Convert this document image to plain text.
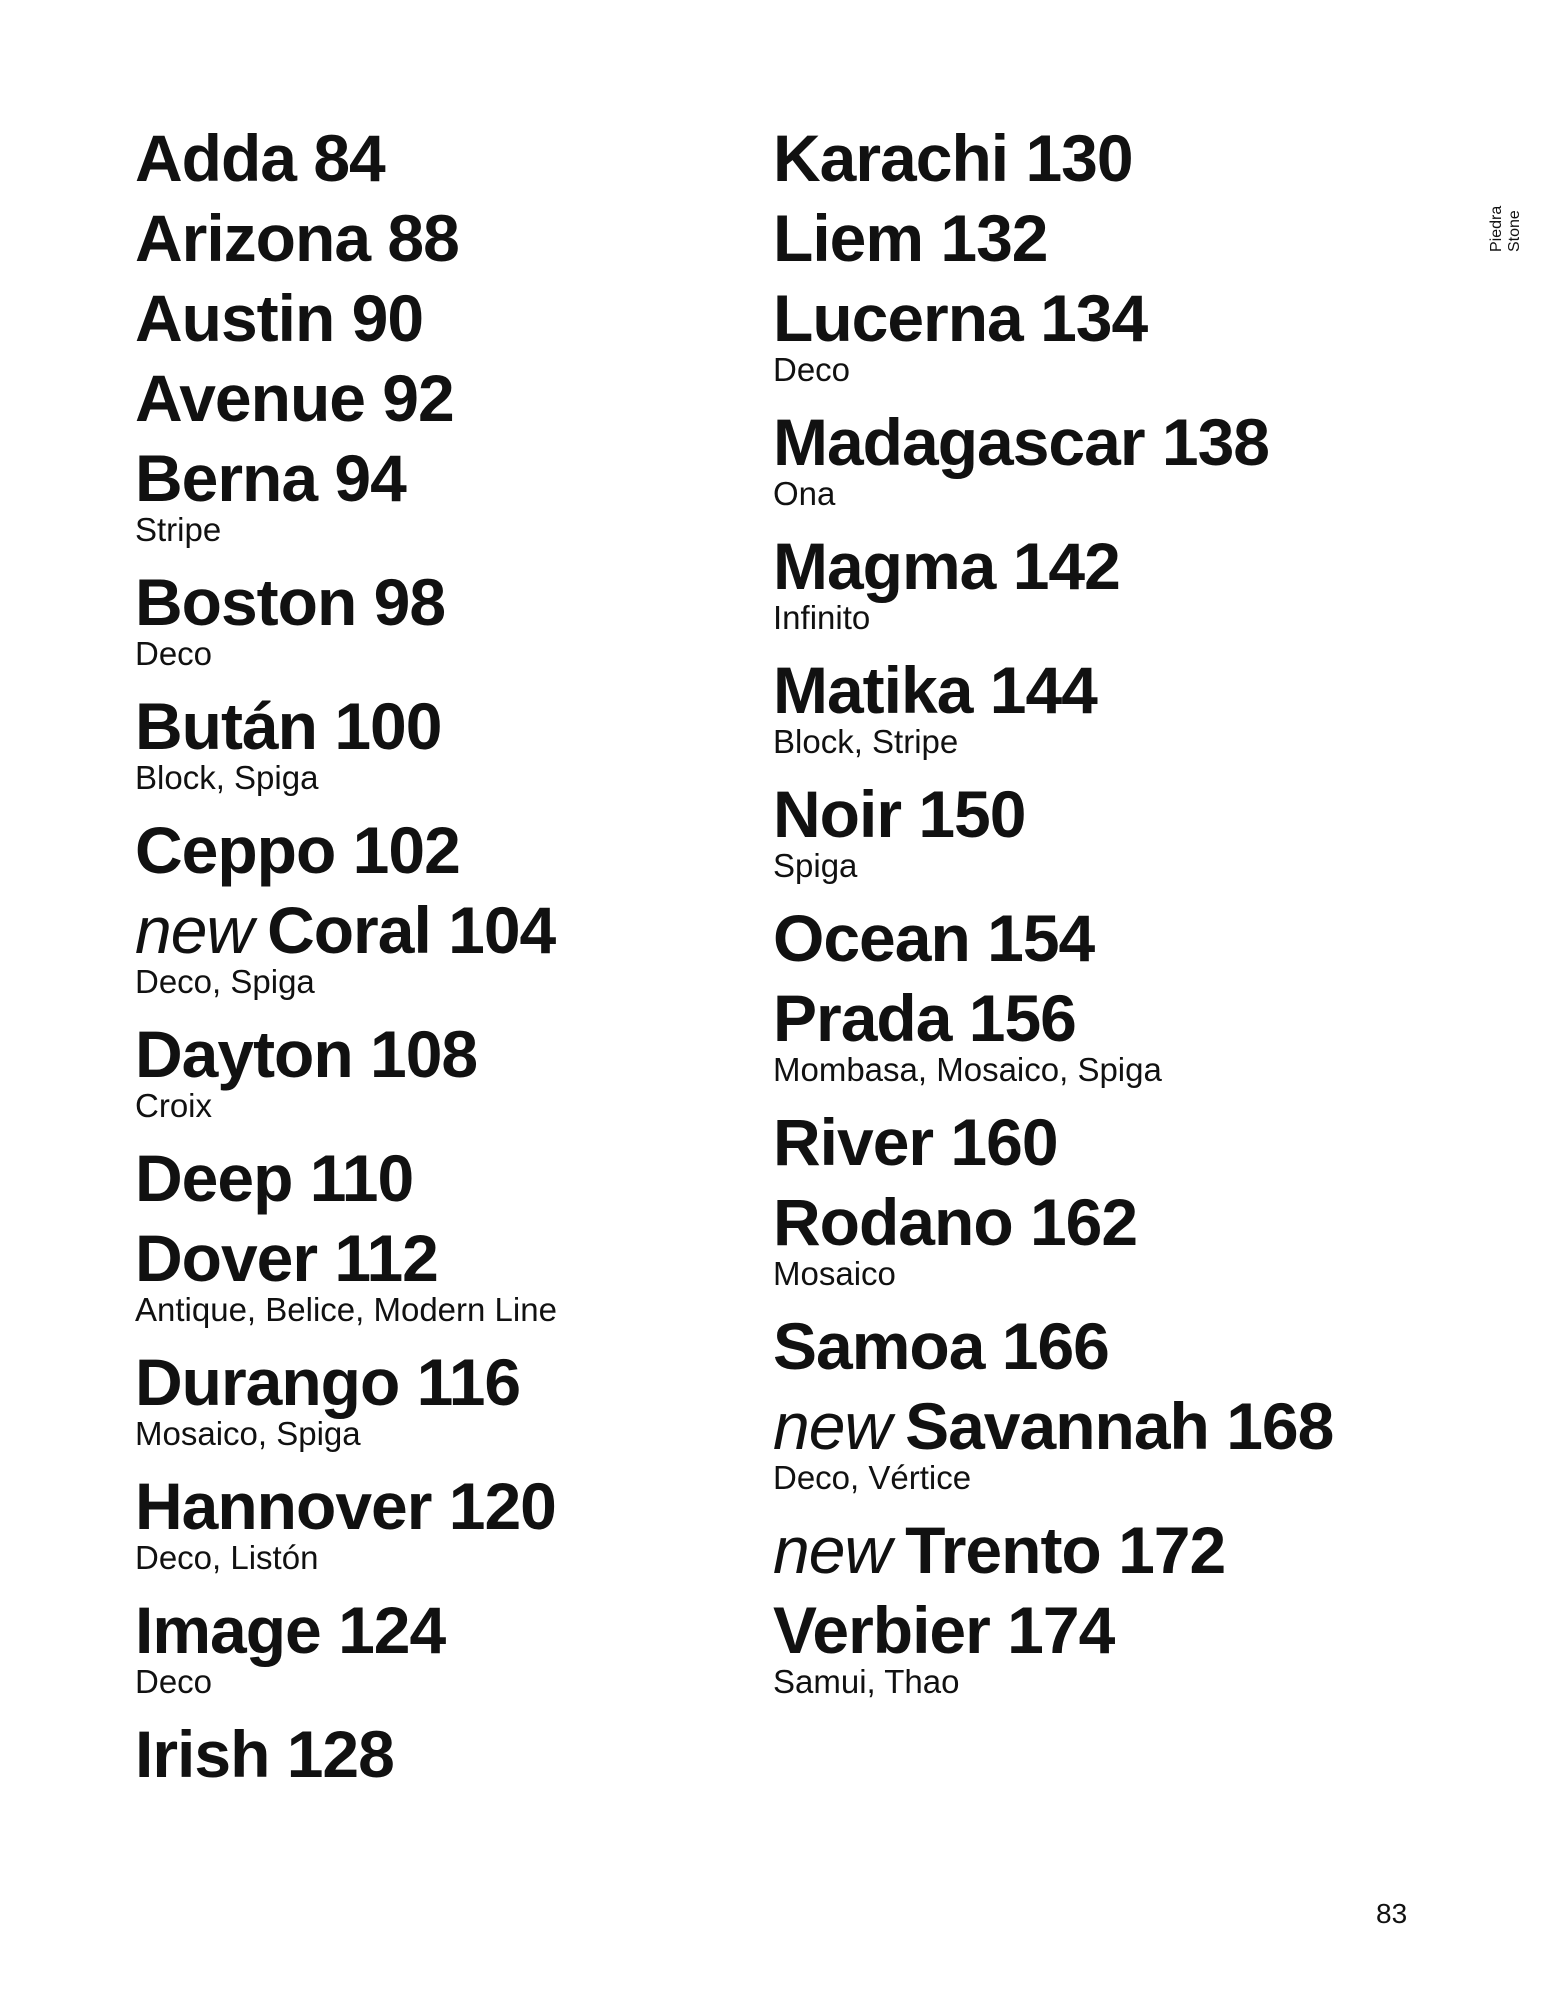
Adda 84
Arizona 88
Austin 90
Avenue 92
Berna 94
Stripe
Boston 98
Deco
Bután 100
Block, Spiga
Ceppo 102
new Coral 104
Deco, Spiga
Dayton 108
Croix
Deep 110
Dover 112
Antique, Belice, Modern Line
Durango 116
Mosaico, Spiga
Hannover 120
Deco, Listón
Image 124
Deco
Irish 128
Karachi 130
Liem 132
Lucerna 134
Deco
Madagascar 138
Ona
Magma 142
Infinito
Matika 144
Block, Stripe
Noir 150
Spiga
Ocean 154
Prada 156
Mombasa, Mosaico, Spiga
River 160
Rodano 162
Mosaico
Samoa 166
new Savannah 168
Deco, Vértice
new Trento 172
Verbier 174
Samui, Thao
Piedra Stone
83
